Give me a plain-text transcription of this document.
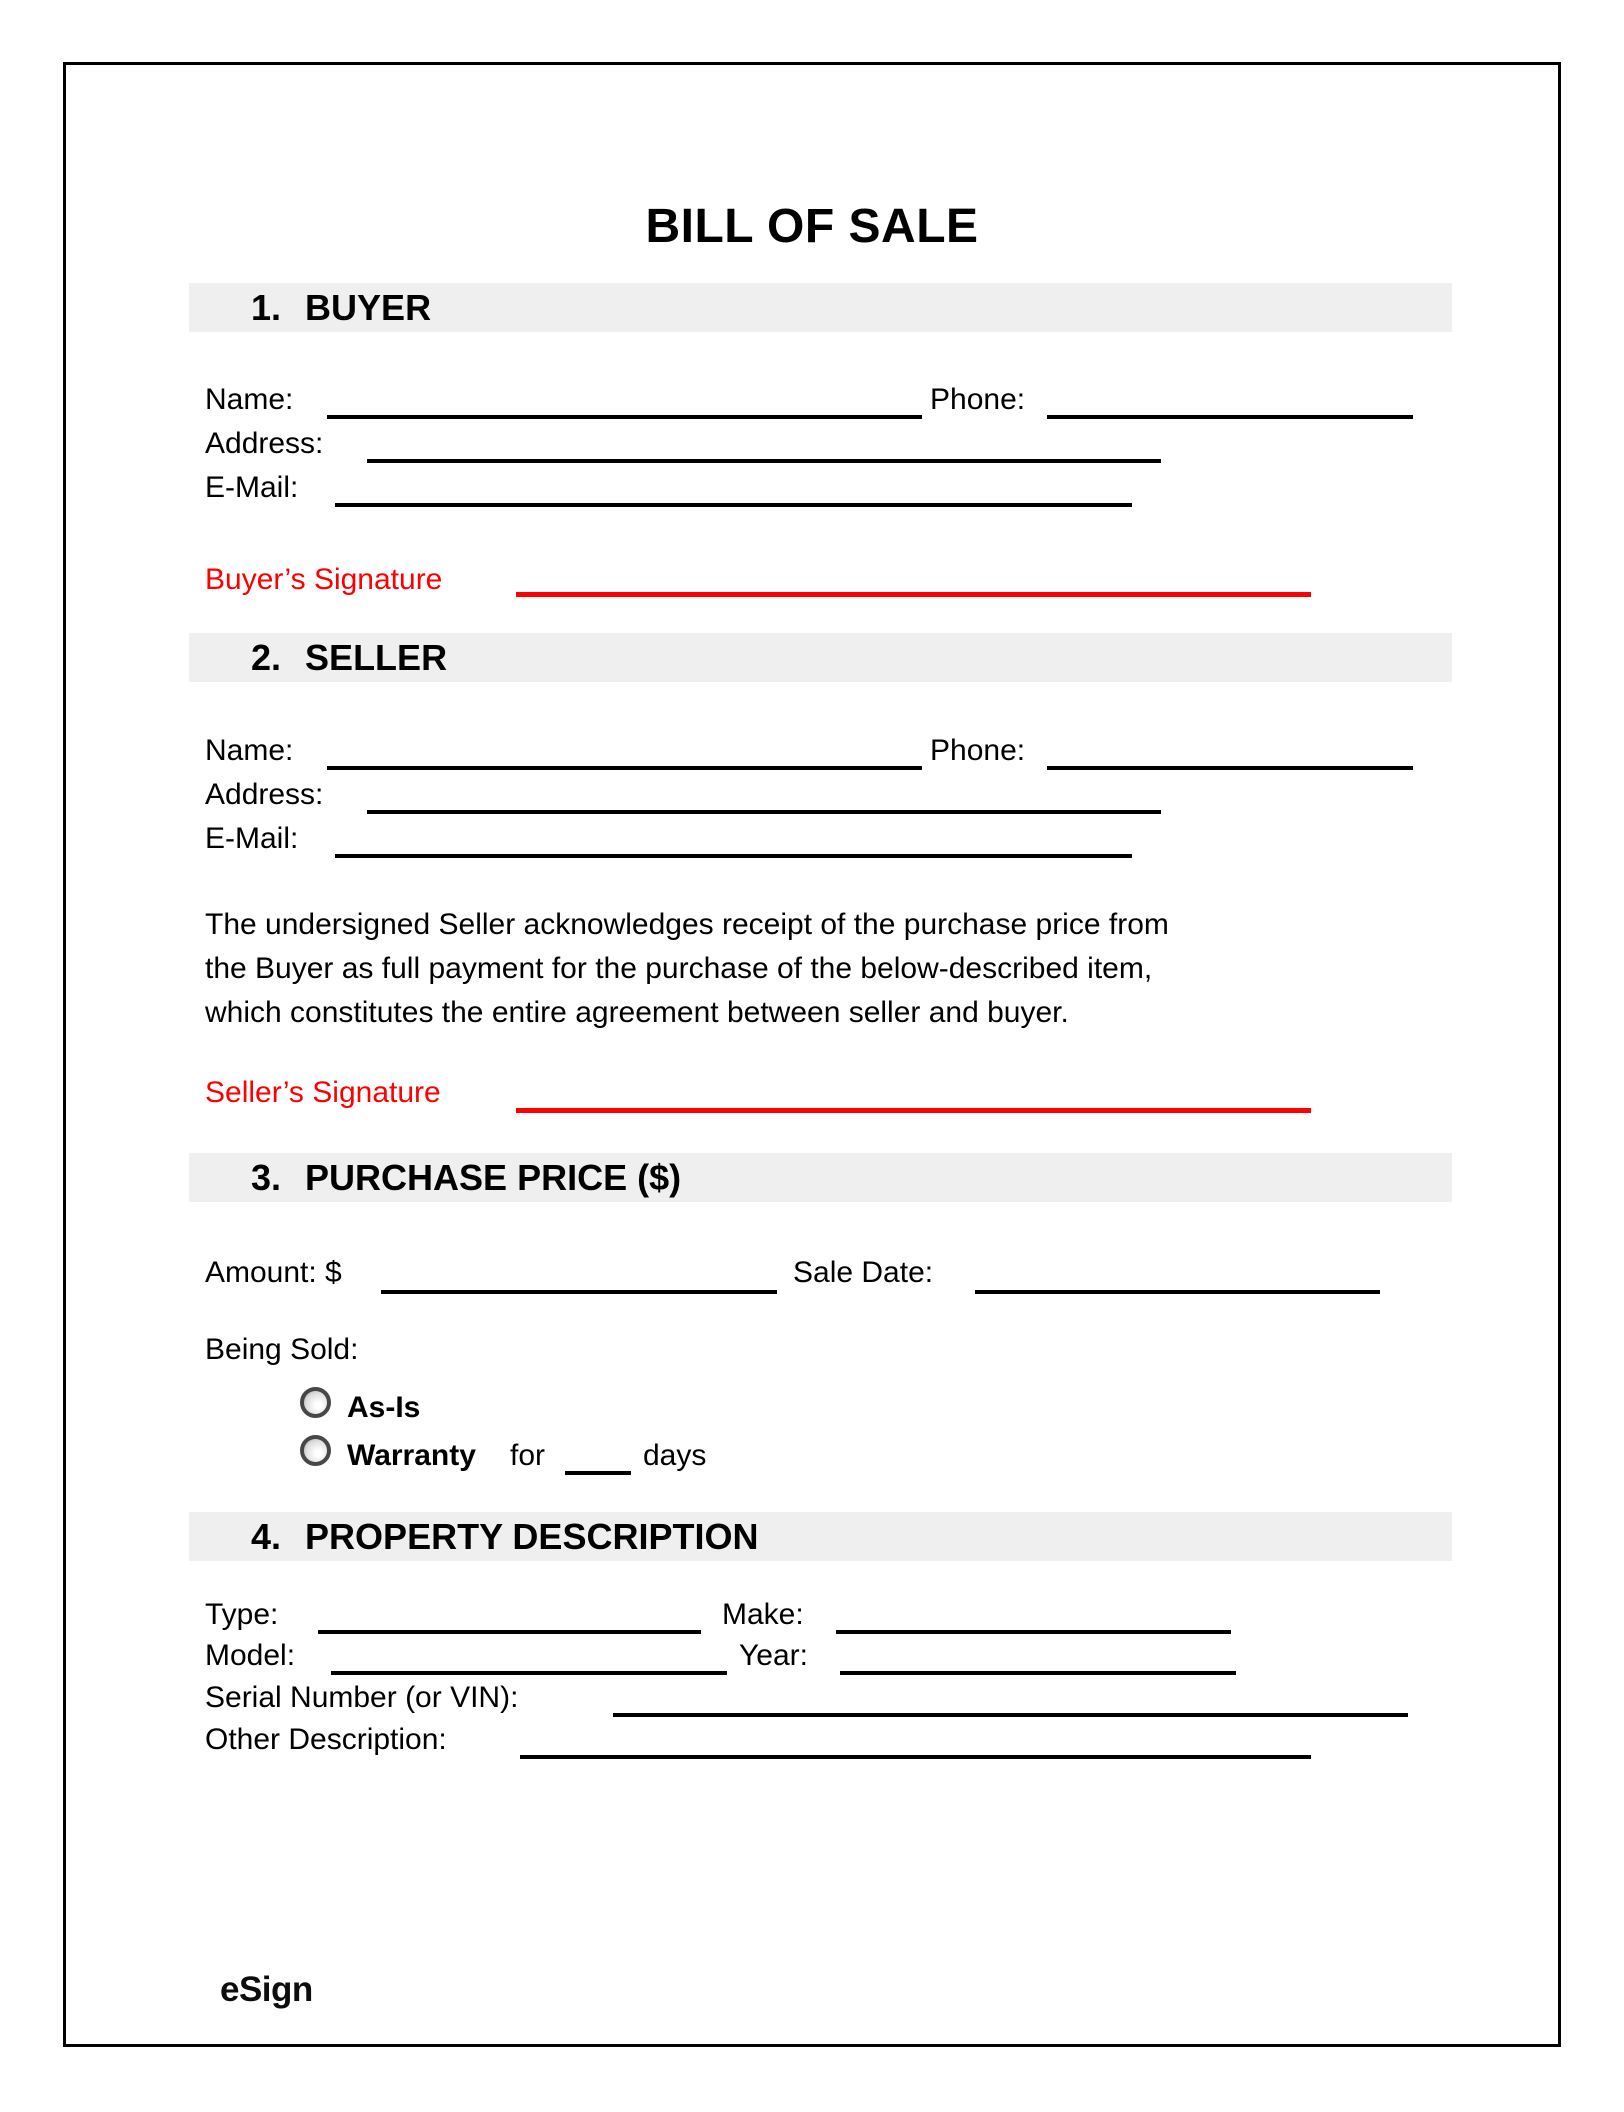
BILL OF SALE
1. BUYER
Name:	Phone:
Address:
E-Mail:
Buyer’s Signature
2. SELLER
Name:	Phone:
Address:
E-Mail:
The undersigned Seller acknowledges receipt of the purchase price from
the Buyer as full payment for the purchase of the below-described item,
which constitutes the entire agreement between seller and buyer.
Seller’s Signature
3. PURCHASE PRICE ($)
Amount: $	Sale Date:
Being Sold:
As-Is
Warranty for	days
4. PROPERTY DESCRIPTION
Type:	Make:
Model:	Year:
Serial Number (or VIN):
Other Description:
eSign
